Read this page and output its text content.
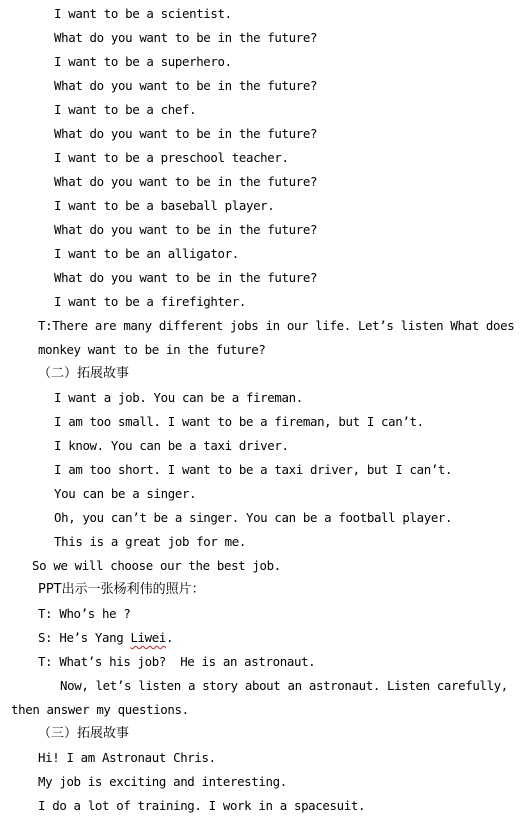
I want to be a scientist.
What do you want to be in the future?
I want to be a superhero.
What do you want to be in the future?
I want to be a chef.
What do you want to be in the future?
I want to be a preschool teacher.
What do you want to be in the future?
I want to be a baseball player.
What do you want to be in the future?
I want to be an alligator.
What do you want to be in the future?
I want to be a firefighter.
T:There are many different jobs in our life. Let’s listen What does
monkey want to be in the future?
（二）拓展故事
I want a job. You can be a fireman.
I am too small. I want to be a fireman, but I can’t.
I know. You can be a taxi driver.
I am too short. I want to be a taxi driver, but I can’t.
You can be a singer.
Oh, you can’t be a singer. You can be a football player.
This is a great job for me.
So we will choose our the best job.
PPT出示一张杨利伟的照片：
T: Who’s he ?
S: He’s Yang Liwei.
T: What’s his job?  He is an astronaut.
Now, let’s listen a story about an astronaut. Listen carefully,
then answer my questions.
（三）拓展故事
Hi! I am Astronaut Chris.
My job is exciting and interesting.
I do a lot of training. I work in a spacesuit.
